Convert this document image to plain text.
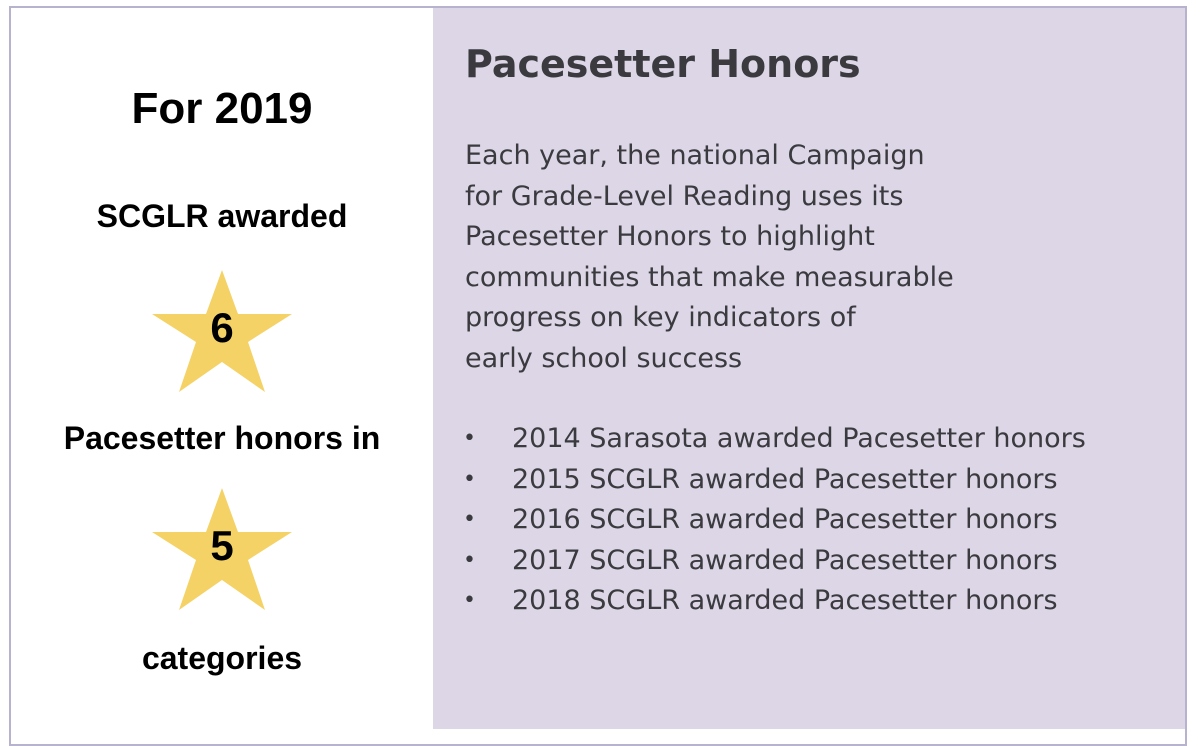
For 2019
SCGLR awarded
6
Pacesetter honors in
5
categories
Pacesetter Honors
Each year, the national Campaign
for Grade-Level Reading uses its
Pacesetter Honors to highlight
communities that make measurable
progress on key indicators of
early school success
• 2014 Sarasota awarded Pacesetter honors
• 2015 SCGLR awarded Pacesetter honors
• 2016 SCGLR awarded Pacesetter honors
• 2017 SCGLR awarded Pacesetter honors
• 2018 SCGLR awarded Pacesetter honors
